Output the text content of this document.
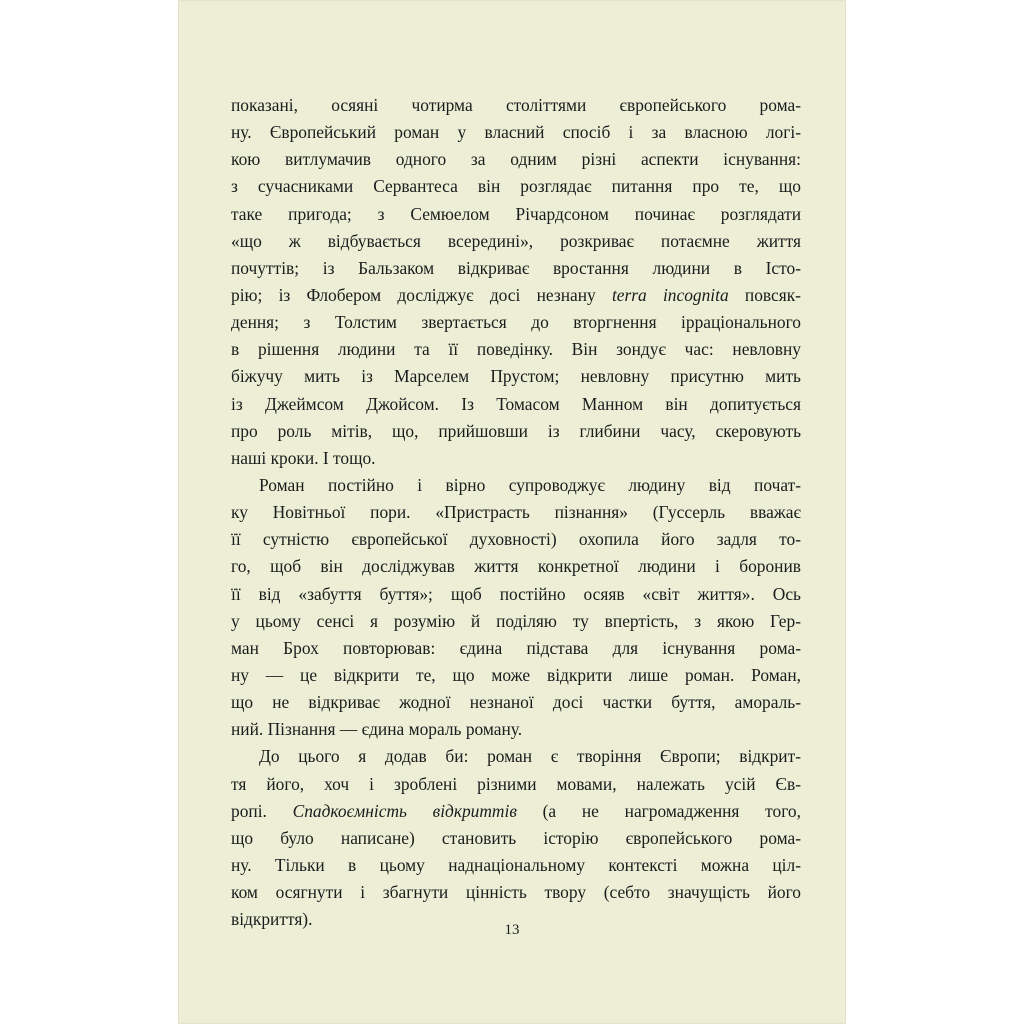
показані, осяяні чотирма століттями європейського рома-
ну. Європейський роман у власний спосіб і за власною логі-
кою витлумачив одного за одним різні аспекти існування:
з сучасниками Сервантеса він розглядає питання про те, що
таке пригода; з Семюелом Річардсоном починає розглядати
«що ж відбувається всередині», розкриває потаємне життя
почуттів; із Бальзаком відкриває вростання людини в Істо-
рію; із Флобером досліджує досі незнану terra incognita повсяк-
дення; з Толстим звертається до вторгнення ірраціонального
в рішення людини та її поведінку. Він зондує час: невловну
біжучу мить із Марселем Прустом; невловну присутню мить
із Джеймсом Джойсом. Із Томасом Манном він допитується
про роль мітів, що, прийшовши із глибини часу, скеровують
наші кроки. І тощо.
Роман постійно і вірно супроводжує людину від почат-
ку Новітньої пори. «Пристрасть пізнання» (Гуссерль вважає
її сутністю європейської духовності) охопила його задля то-
го, щоб він досліджував життя конкретної людини і боронив
її від «забуття буття»; щоб постійно осяяв «світ життя». Ось
у цьому сенсі я розумію й поділяю ту впертість, з якою Гер-
ман Брох повторював: єдина підстава для існування рома-
ну — це відкрити те, що може відкрити лише роман. Роман,
що не відкриває жодної незнаної досі частки буття, амораль-
ний. Пізнання — єдина мораль роману.
До цього я додав би: роман є творіння Європи; відкрит-
тя його, хоч і зроблені різними мовами, належать усій Єв-
ропі. Спадкоємність відкриттів (а не нагромадження того,
що було написане) становить історію європейського рома-
ну. Тільки в цьому наднаціональному контексті можна ціл-
ком осягнути і збагнути цінність твору (себто значущість його
відкриття).
13
